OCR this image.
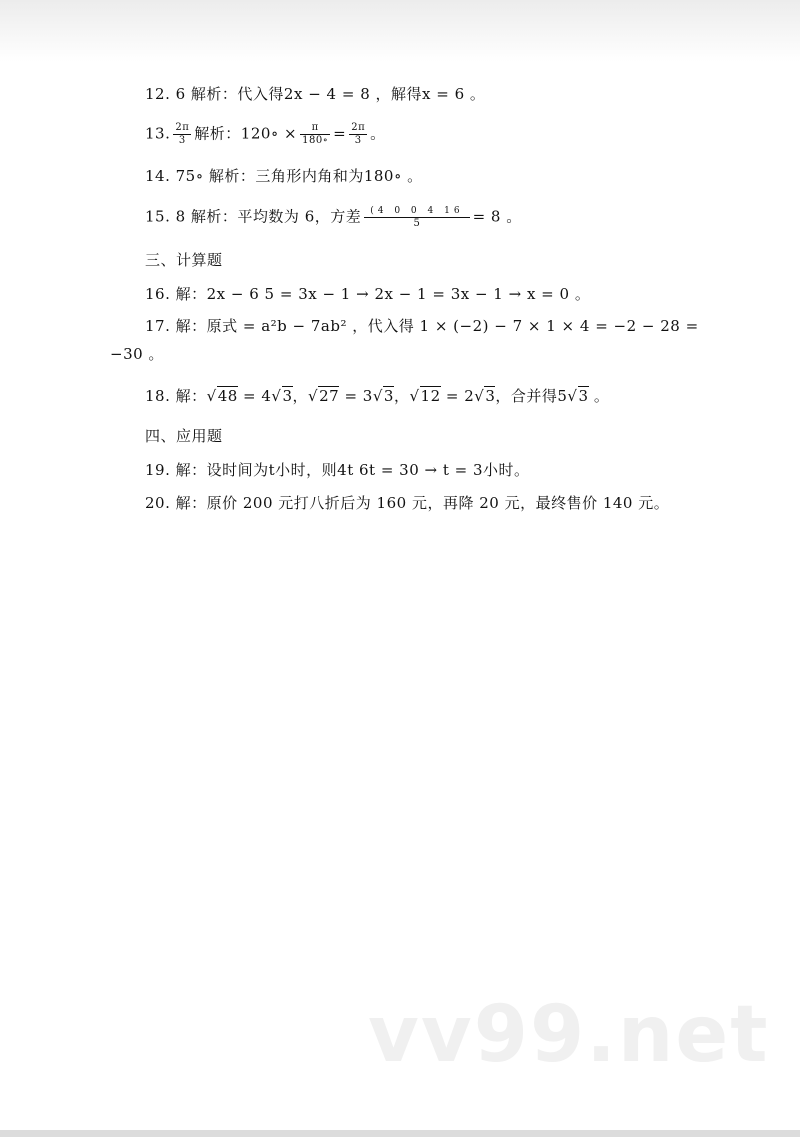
12. 6 解析：代入得2x − 4 = 8 ，解得x = 6 。
13. $\frac{2\pi}{3}$ 解析：120∘ × $\frac{\pi}{180\circ} = \frac{2\pi}{3}$ 。
14. 75∘ 解析：三角形内角和为180∘ 。
15. 8 解析：平均数为 6，方差 $\frac{(4 0 0 4 16}{5} = 8$ 。
三、计算题
16. 解：2x − 6 5 = 3x − 1 → 2x − 1 = 3x − 1 → x = 0 。
17. 解：原式 = a²b − 7ab² ，代入得 1 × (−2) − 7 × 1 × 4 = −2 − 28 =
−30 。
18. 解：√48 = 4√3，√27 = 3√3，√12 = 2√3，合并得5√3 。
四、应用题
19. 解：设时间为t小时，则4t 6t = 30 → t = 3小时。
20. 解：原价 200 元打八折后为 160 元，再降 20 元，最终售价 140 元。
vv99.net
